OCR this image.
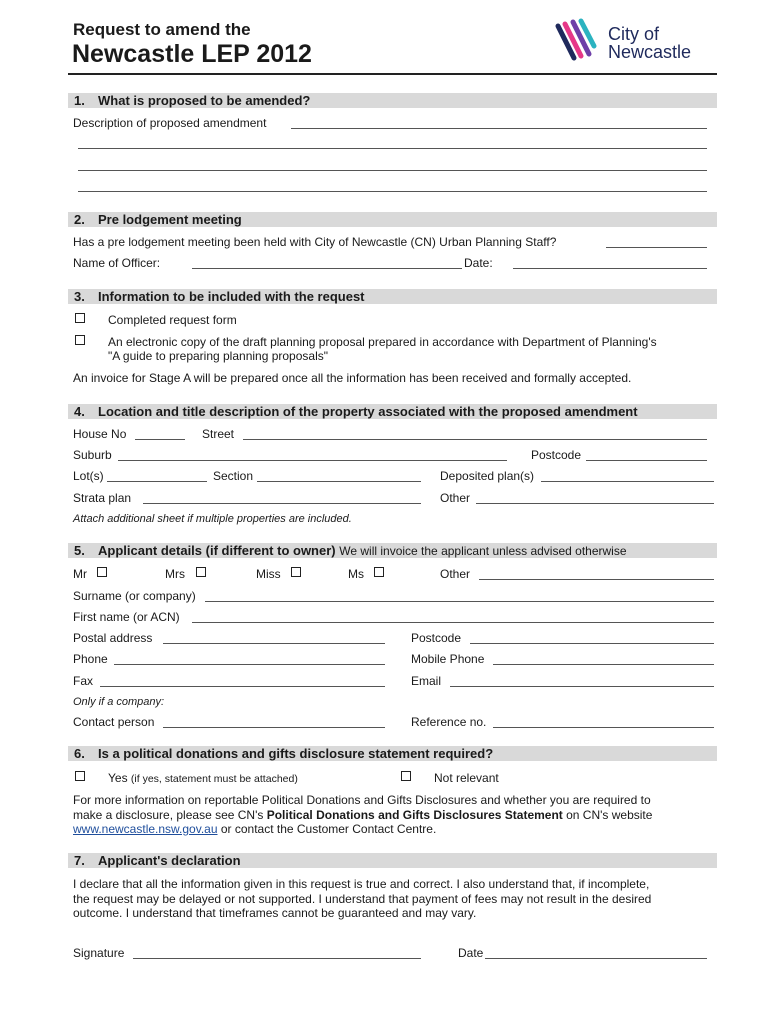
Request to amend the
Newcastle LEP 2012
City of
Newcastle
1. What is proposed to be amended?
Description of proposed amendment
2. Pre lodgement meeting
Has a pre lodgement meeting been held with City of Newcastle (CN) Urban Planning Staff?
Name of Officer:	Date:
3. Information to be included with the request
Completed request form
An electronic copy of the draft planning proposal prepared in accordance with Department of Planning's
"A guide to preparing planning proposals"
An invoice for Stage A will be prepared once all the information has been received and formally accepted.
4. Location and title description of the property associated with the proposed amendment
House No	Street
Suburb	Postcode
Lot(s)	Section	Deposited plan(s)
Strata plan	Other
Attach additional sheet if multiple properties are included.
5. Applicant details (if different to owner) We will invoice the applicant unless advised otherwise
Mr	Mrs	Miss	Ms	Other
Surname (or company)
First name (or ACN)
Postal address	Postcode
Phone	Mobile Phone
Fax	Email
Only if a company:
Contact person	Reference no.
6. Is a political donations and gifts disclosure statement required?
Yes (if yes, statement must be attached)	Not relevant
For more information on reportable Political Donations and Gifts Disclosures and whether you are required to
make a disclosure, please see CN's Political Donations and Gifts Disclosures Statement on CN's website
www.newcastle.nsw.gov.au or contact the Customer Contact Centre.
7. Applicant's declaration
I declare that all the information given in this request is true and correct. I also understand that, if incomplete,
the request may be delayed or not supported. I understand that payment of fees may not result in the desired
outcome. I understand that timeframes cannot be guaranteed and may vary.
Signature	Date
